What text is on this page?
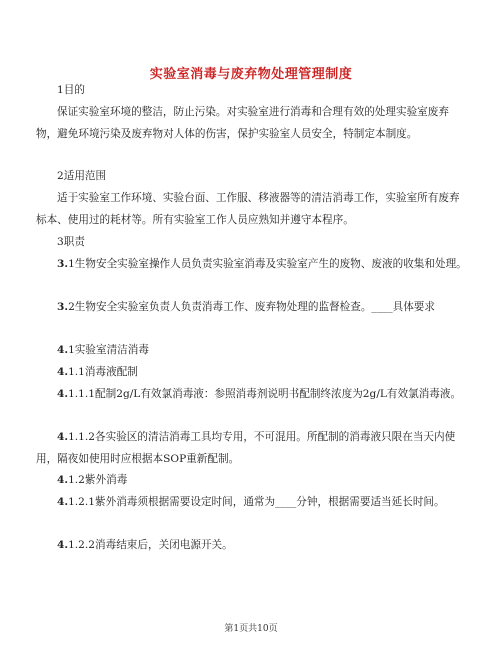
实验室消毒与废弃物处理管理制度
1目的
保证实验室环境的整洁，防止污染。对实验室进行消毒和合理有效的处理实验室废弃物，避免环境污染及废弃物对人体的伤害，保护实验室人员安全，特制定本制度。
2适用范围
适于实验室工作环境、实验台面、工作服、移液器等的清洁消毒工作，实验室所有废弃标本、使用过的耗材等。所有实验室工作人员应熟知并遵守本程序。
3职责
3.1生物安全实验室操作人员负责实验室消毒及实验室产生的废物、废液的收集和处理。
3.2生物安全实验室负责人负责消毒工作、废弃物处理的监督检查。____具体要求
4.1实验室清洁消毒
4.1.1消毒液配制
4.1.1.1配制2g/L有效氯消毒液：参照消毒剂说明书配制终浓度为2g/L有效氯消毒液。
4.1.1.2各实验区的清洁消毒工具均专用，不可混用。所配制的消毒液只限在当天内使用，隔夜如使用时应根据本SOP重新配制。
4.1.2紫外消毒
4.1.2.1紫外消毒须根据需要设定时间，通常为____分钟，根据需要适当延长时间。
4.1.2.2消毒结束后，关闭电源开关。
第1页共10页
